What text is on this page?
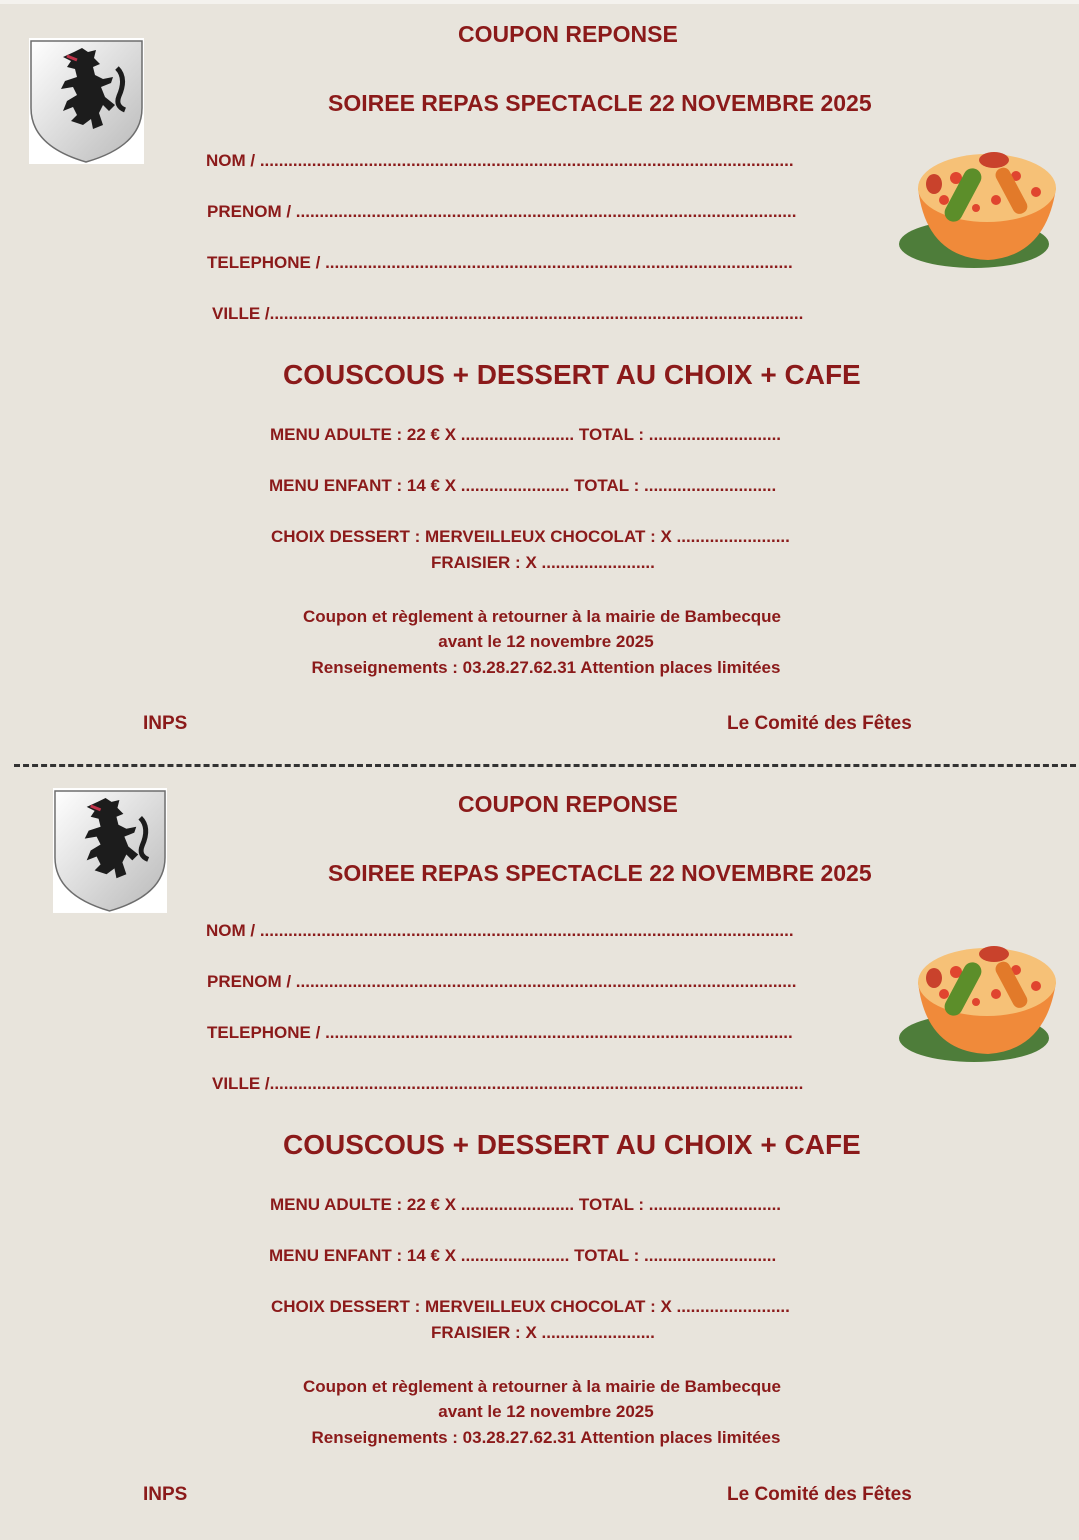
COUPON REPONSE
SOIREE REPAS SPECTACLE 22 NOVEMBRE 2025
NOM / .................................................................................................................
PRENOM / ..........................................................................................................
TELEPHONE / ...................................................................................................
VILLE /.................................................................................................................
COUSCOUS + DESSERT AU CHOIX + CAFE
MENU ADULTE : 22 € X ........................ TOTAL : ............................
MENU ENFANT : 14 € X ....................... TOTAL : ............................
CHOIX DESSERT : MERVEILLEUX CHOCOLAT : X ........................
FRAISIER : X ........................
Coupon et règlement à retourner à la mairie de Bambecque
avant le 12 novembre 2025
Renseignements : 03.28.27.62.31 Attention places limitées
INPS	Le Comité des Fêtes
COUPON REPONSE
SOIREE REPAS SPECTACLE 22 NOVEMBRE 2025
NOM / .................................................................................................................
PRENOM / ..........................................................................................................
TELEPHONE / ...................................................................................................
VILLE /.................................................................................................................
COUSCOUS + DESSERT AU CHOIX + CAFE
MENU ADULTE : 22 € X ........................ TOTAL : ............................
MENU ENFANT : 14 € X ....................... TOTAL : ............................
CHOIX DESSERT : MERVEILLEUX CHOCOLAT : X ........................
FRAISIER : X ........................
Coupon et règlement à retourner à la mairie de Bambecque
avant le 12 novembre 2025
Renseignements : 03.28.27.62.31 Attention places limitées
INPS	Le Comité des Fêtes
